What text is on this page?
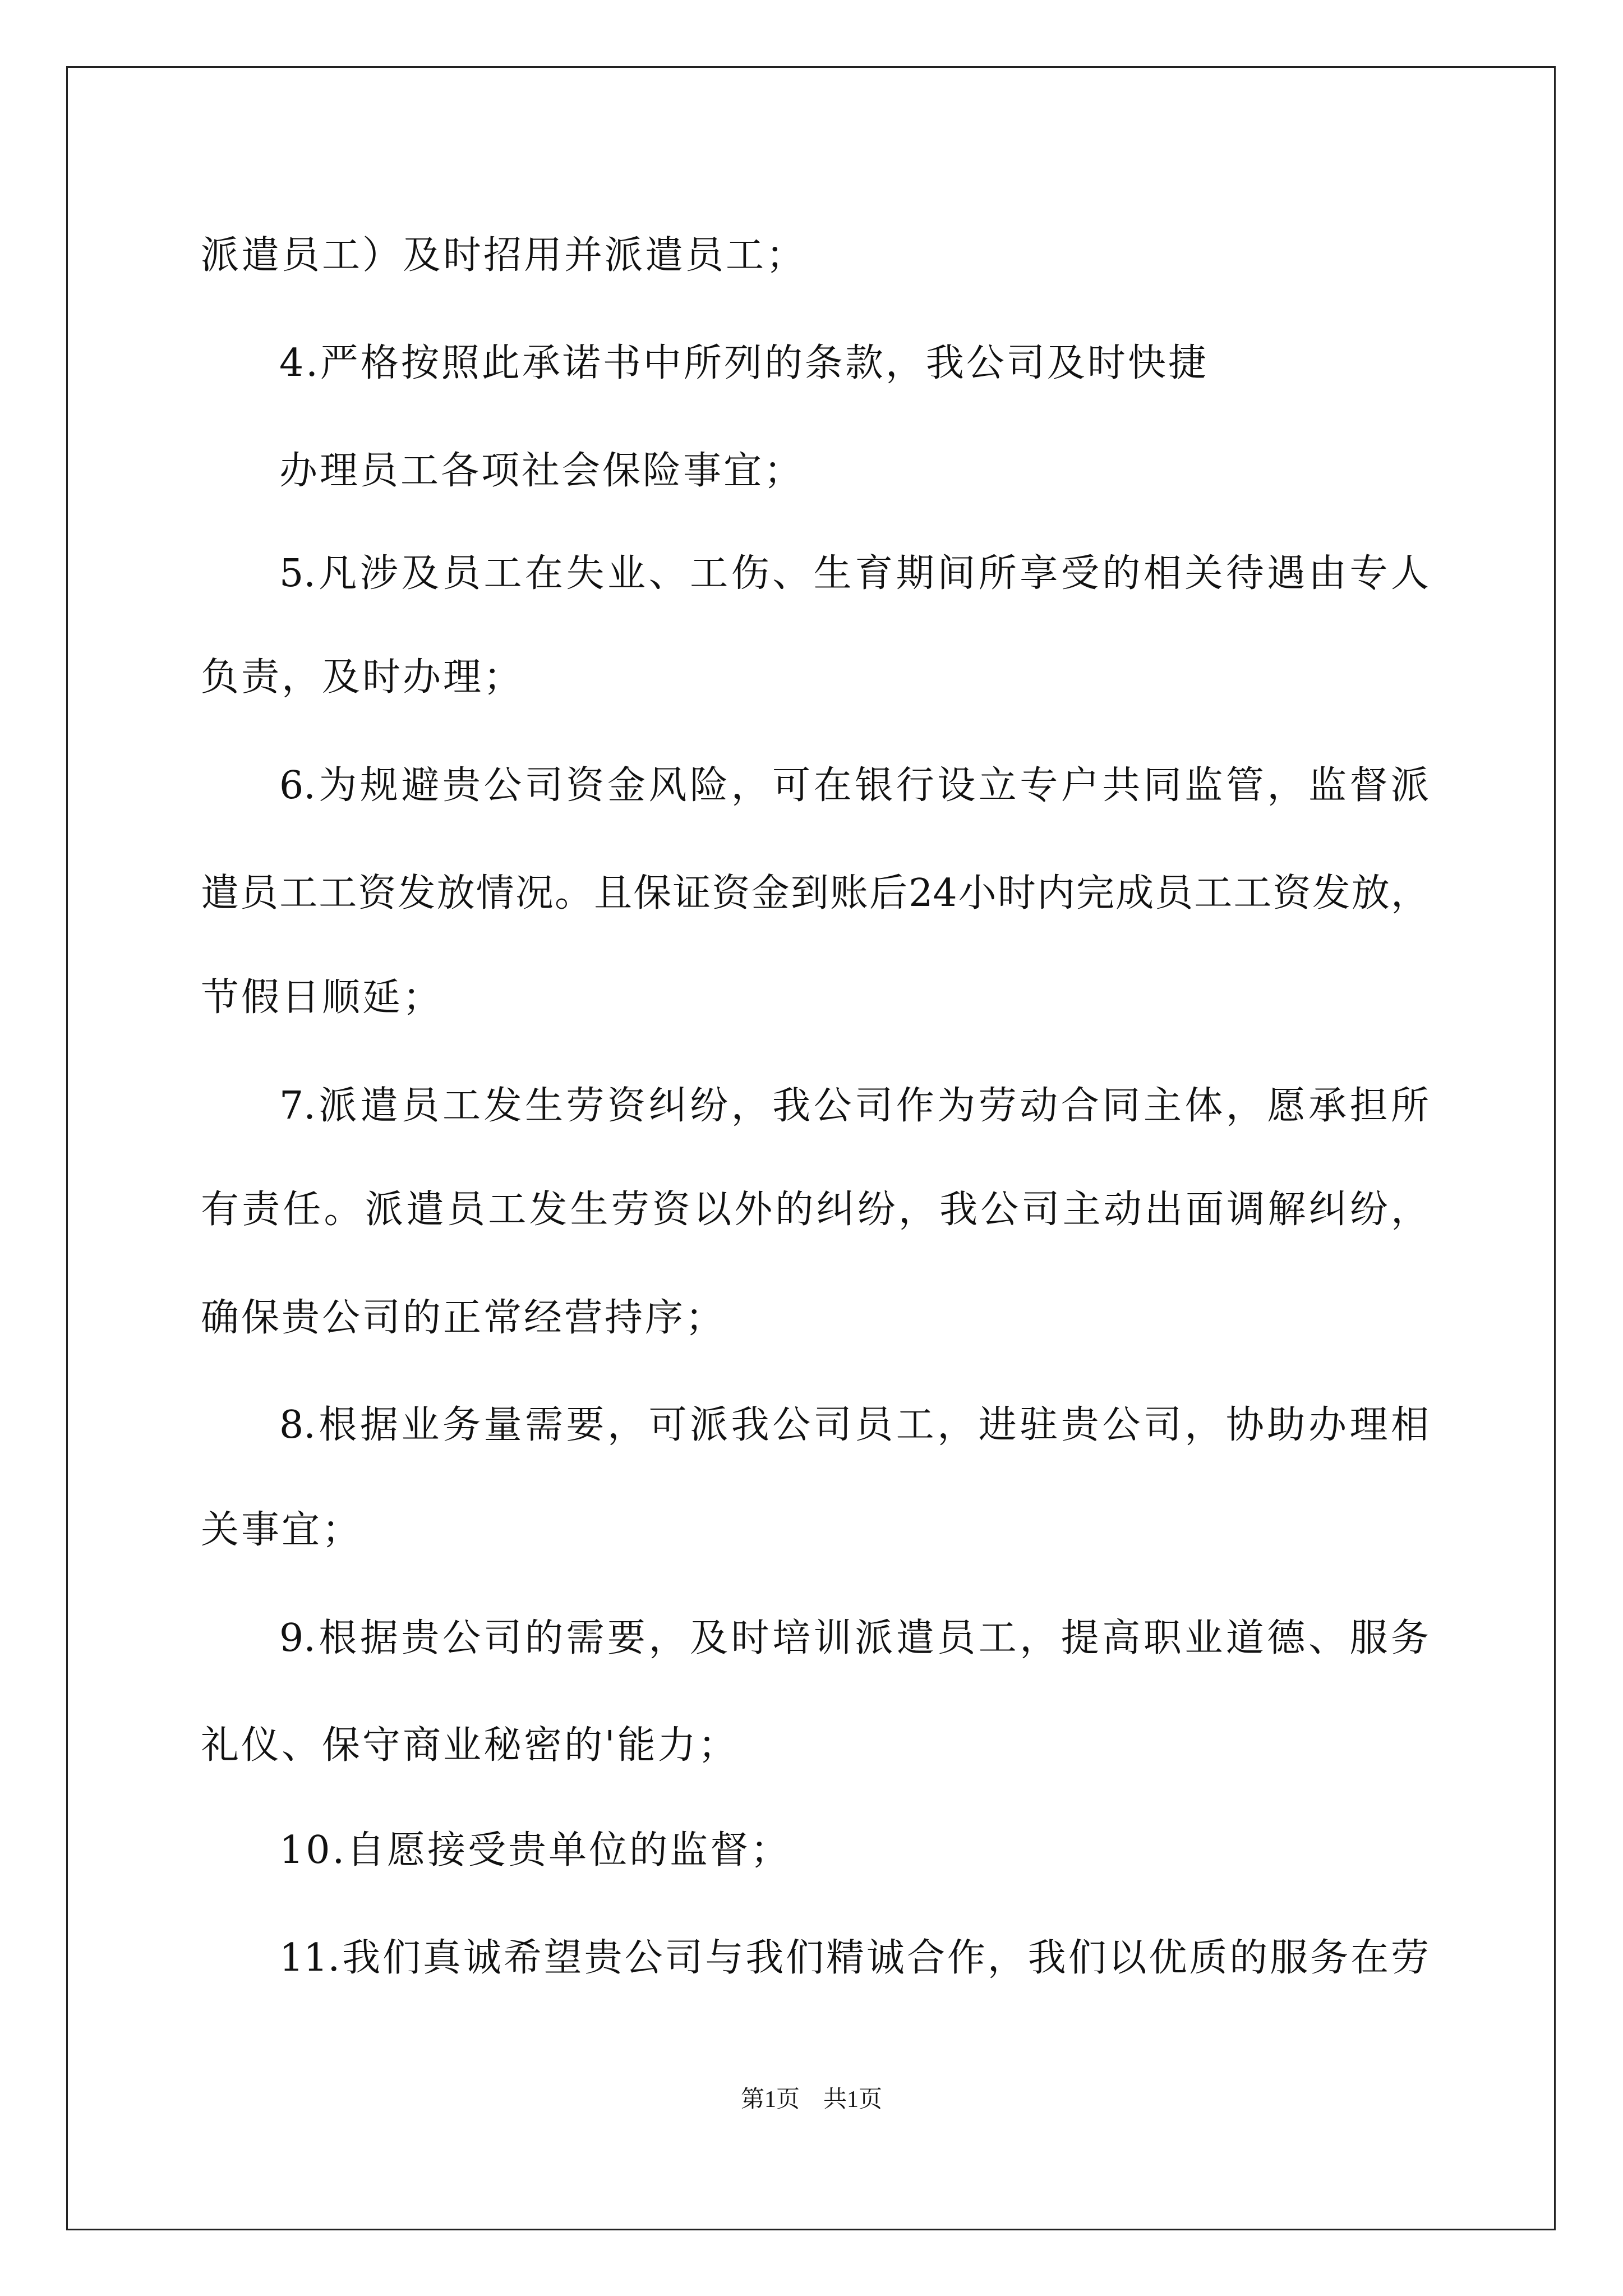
派遣员工）及时招用并派遣员工；
4.严格按照此承诺书中所列的条款，我公司及时快捷
办理员工各项社会保险事宜；
5.凡涉及员工在失业、工伤、生育期间所享受的相关待遇由专人
负责，及时办理；
6.为规避贵公司资金风险，可在银行设立专户共同监管，监督派
遣员工工资发放情况。且保证资金到账后24小时内完成员工工资发放，
节假日顺延；
7.派遣员工发生劳资纠纷，我公司作为劳动合同主体，愿承担所
有责任。派遣员工发生劳资以外的纠纷，我公司主动出面调解纠纷，
确保贵公司的正常经营持序；
8.根据业务量需要，可派我公司员工，进驻贵公司，协助办理相
关事宜；
9.根据贵公司的需要，及时培训派遣员工，提高职业道德、服务
礼仪、保守商业秘密的'能力；
10.自愿接受贵单位的监督；
11.我们真诚希望贵公司与我们精诚合作，我们以优质的服务在劳
第1页　共1页
